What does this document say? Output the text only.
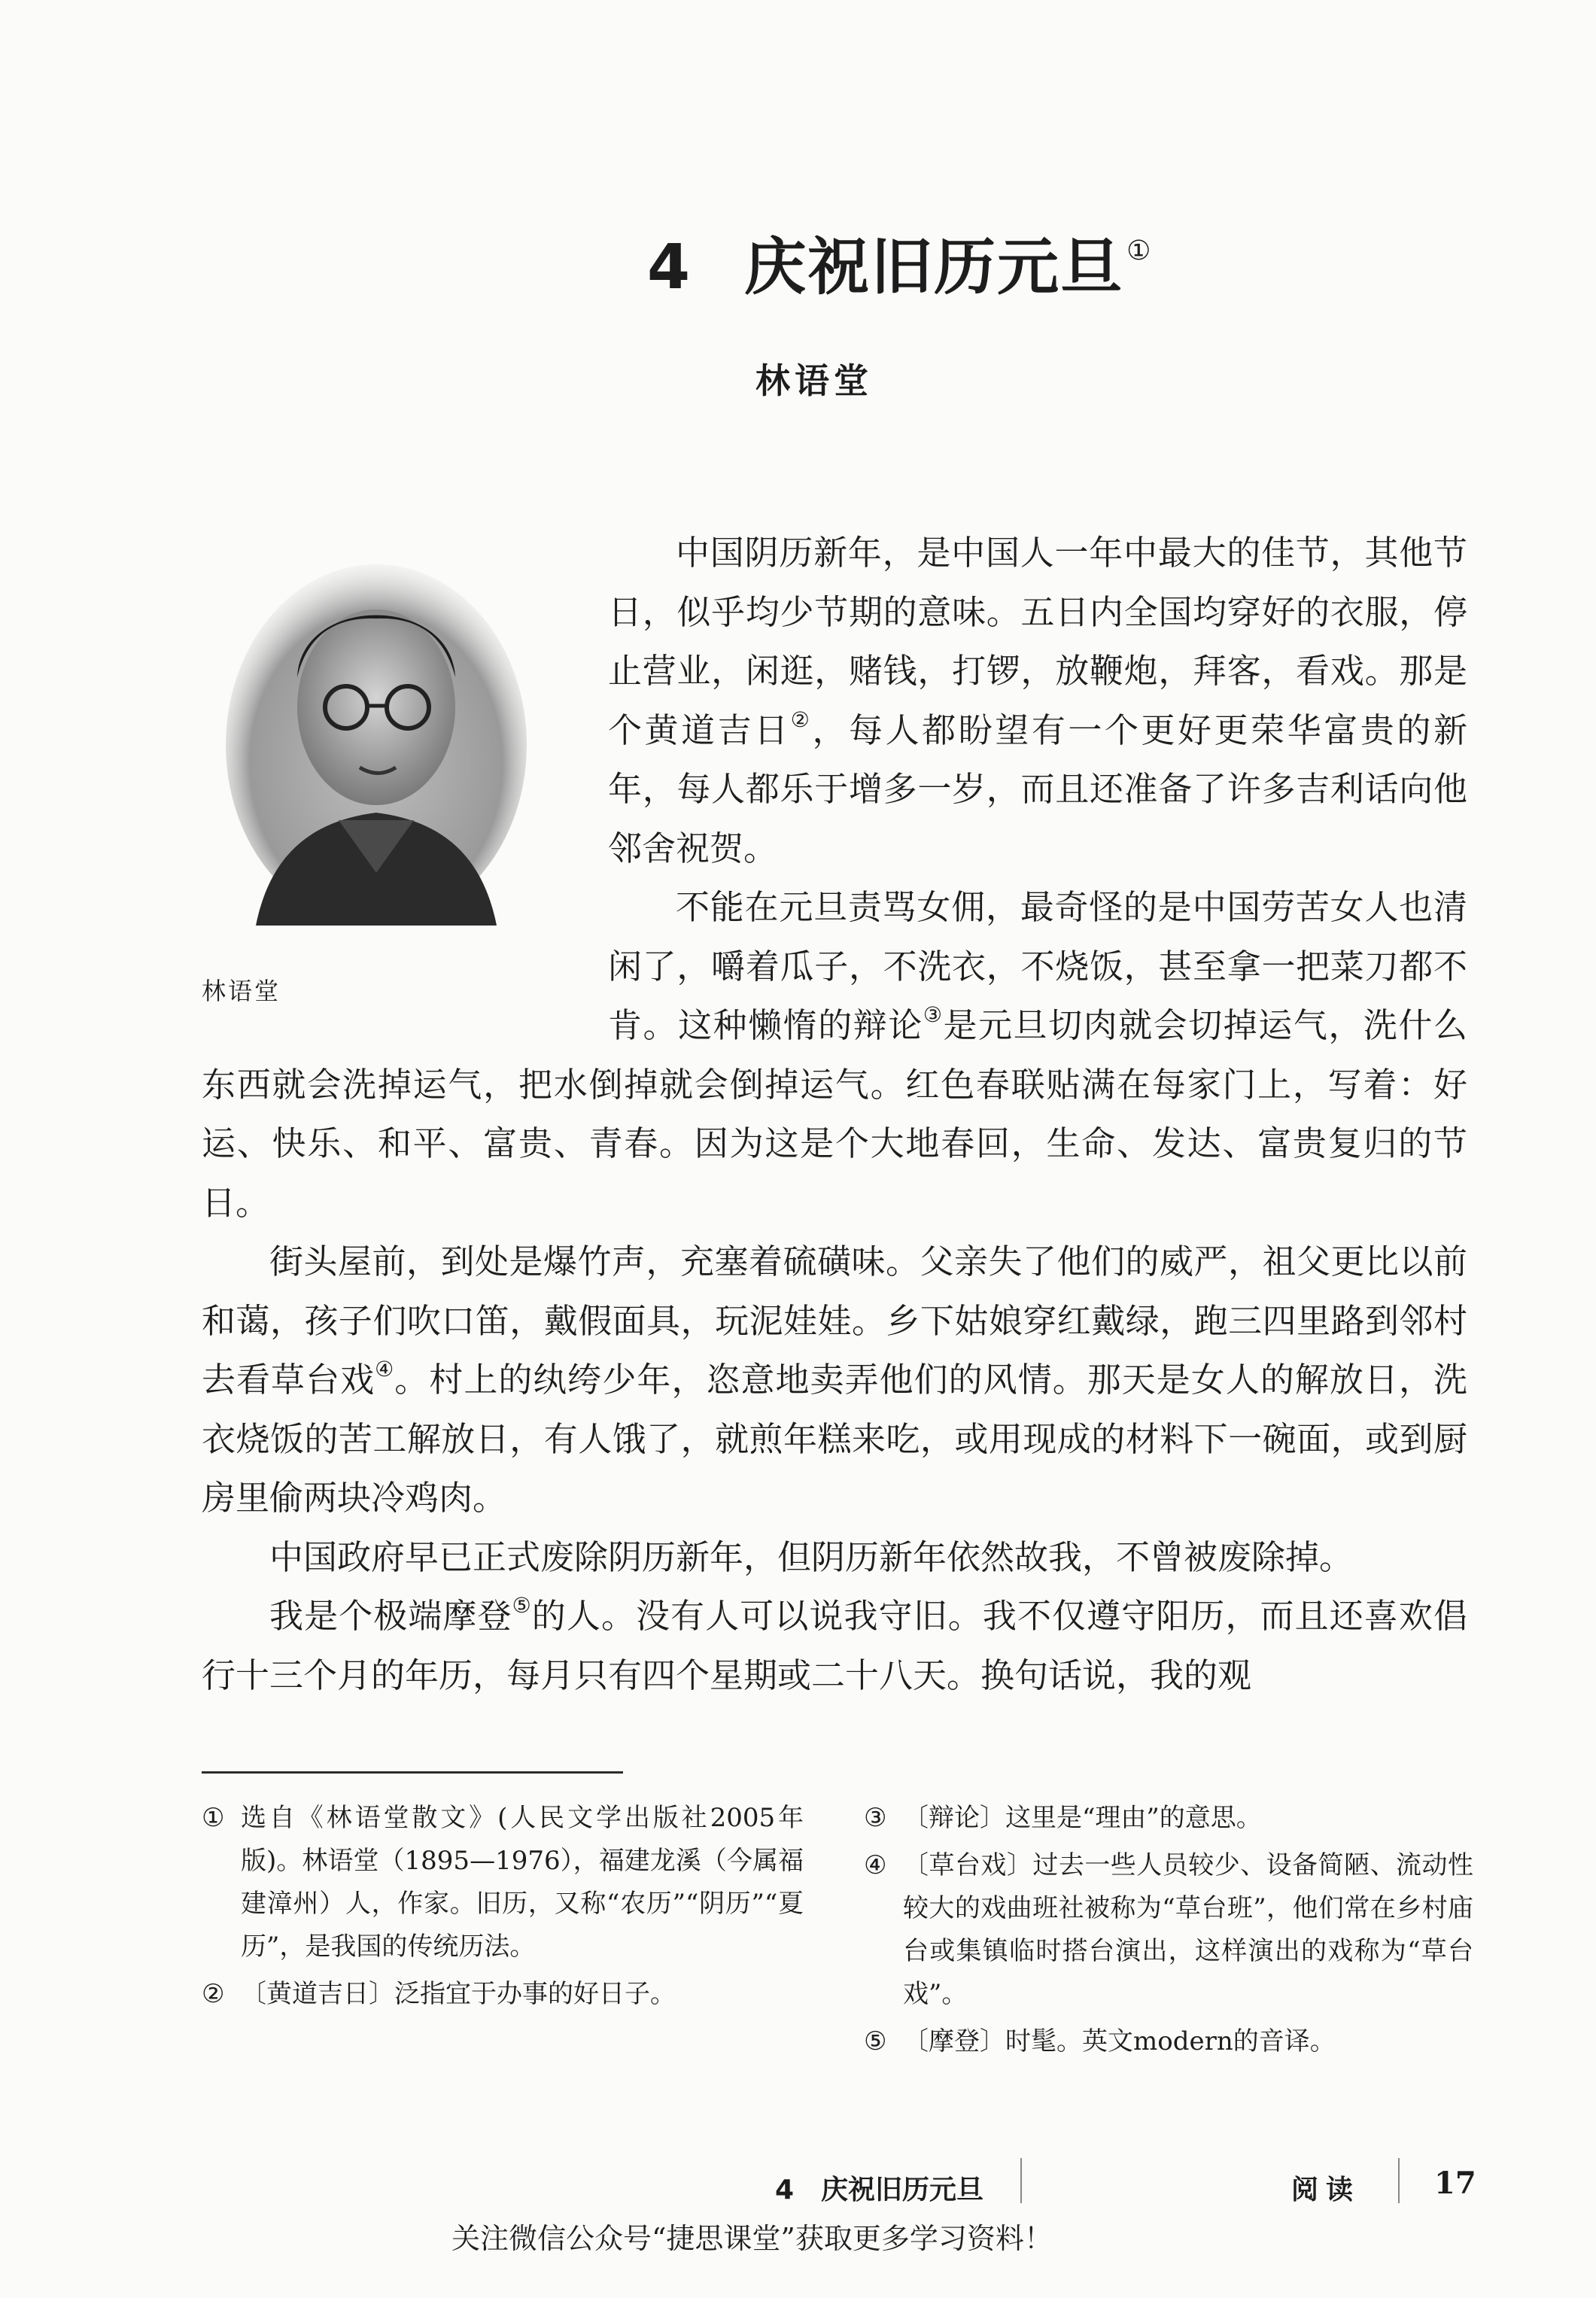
4 庆祝旧历元旦 ①
林语堂
林语堂

中国阴历新年，是中国人一年中最大的佳节，其他节日，似乎均少节期的意味。五日内全国均穿好的衣服，停止营业，闲逛，赌钱，打锣，放鞭炮，拜客，看戏。那是个黄道吉日②，每人都盼望有一个更好更荣华富贵的新年，每人都乐于增多一岁，而且还准备了许多吉利话向他邻舍祝贺。

不能在元旦责骂女佣，最奇怪的是中国劳苦女人也清闲了，嚼着瓜子，不洗衣，不烧饭，甚至拿一把菜刀都不肯。这种懒惰的辩论③是元旦切肉就会切掉运气，洗什么东西就会洗掉运气，把水倒掉就会倒掉运气。红色春联贴满在每家门上，写着：好运、快乐、和平、富贵、青春。因为这是个大地春回，生命、发达、富贵复归的节日。

街头屋前，到处是爆竹声，充塞着硫磺味。父亲失了他们的威严，祖父更比以前和蔼，孩子们吹口笛，戴假面具，玩泥娃娃。乡下姑娘穿红戴绿，跑三四里路到邻村去看草台戏④。村上的纨绔少年，恣意地卖弄他们的风情。那天是女人的解放日，洗衣烧饭的苦工解放日，有人饿了，就煎年糕来吃，或用现成的材料下一碗面，或到厨房里偷两块冷鸡肉。

中国政府早已正式废除阴历新年，但阴历新年依然故我，不曾被废除掉。

我是个极端摩登⑤的人。没有人可以说我守旧。我不仅遵守阳历，而且还喜欢倡行十三个月的年历，每月只有四个星期或二十八天。换句话说，我的观

① 选自《林语堂散文》(人民文学出版社2005年版)。林语堂（1895—1976），福建龙溪（今属福建漳州）人，作家。旧历，又称“农历”“阴历”“夏历”，是我国的传统历法。
② 〔黄道吉日〕泛指宜于办事的好日子。
③ 〔辩论〕这里是“理由”的意思。
④ 〔草台戏〕过去一些人员较少、设备简陋、流动性较大的戏曲班社被称为“草台班”，他们常在乡村庙台或集镇临时搭台演出，这样演出的戏称为“草台戏”。
⑤ 〔摩登〕时髦。英文modern的音译。
4　庆祝旧历元旦	阅读 17
关注微信公众号“捷思课堂”获取更多学习资料！
